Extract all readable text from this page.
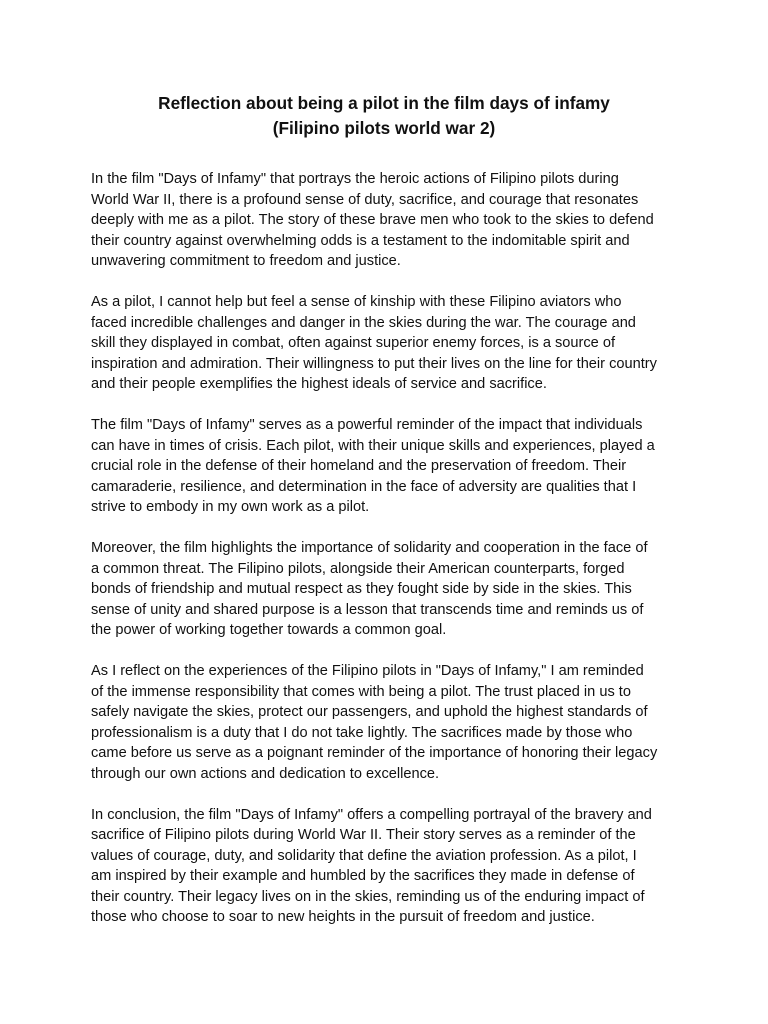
Reflection about being a pilot in the film days of infamy
(Filipino pilots world war 2)

In the film "Days of Infamy" that portrays the heroic actions of Filipino pilots during
World War II, there is a profound sense of duty, sacrifice, and courage that resonates
deeply with me as a pilot. The story of these brave men who took to the skies to defend
their country against overwhelming odds is a testament to the indomitable spirit and
unwavering commitment to freedom and justice.

As a pilot, I cannot help but feel a sense of kinship with these Filipino aviators who
faced incredible challenges and danger in the skies during the war. The courage and
skill they displayed in combat, often against superior enemy forces, is a source of
inspiration and admiration. Their willingness to put their lives on the line for their country
and their people exemplifies the highest ideals of service and sacrifice.

The film "Days of Infamy" serves as a powerful reminder of the impact that individuals
can have in times of crisis. Each pilot, with their unique skills and experiences, played a
crucial role in the defense of their homeland and the preservation of freedom. Their
camaraderie, resilience, and determination in the face of adversity are qualities that I
strive to embody in my own work as a pilot.

Moreover, the film highlights the importance of solidarity and cooperation in the face of
a common threat. The Filipino pilots, alongside their American counterparts, forged
bonds of friendship and mutual respect as they fought side by side in the skies. This
sense of unity and shared purpose is a lesson that transcends time and reminds us of
the power of working together towards a common goal.

As I reflect on the experiences of the Filipino pilots in "Days of Infamy," I am reminded
of the immense responsibility that comes with being a pilot. The trust placed in us to
safely navigate the skies, protect our passengers, and uphold the highest standards of
professionalism is a duty that I do not take lightly. The sacrifices made by those who
came before us serve as a poignant reminder of the importance of honoring their legacy
through our own actions and dedication to excellence.

In conclusion, the film "Days of Infamy" offers a compelling portrayal of the bravery and
sacrifice of Filipino pilots during World War II. Their story serves as a reminder of the
values of courage, duty, and solidarity that define the aviation profession. As a pilot, I
am inspired by their example and humbled by the sacrifices they made in defense of
their country. Their legacy lives on in the skies, reminding us of the enduring impact of
those who choose to soar to new heights in the pursuit of freedom and justice.
